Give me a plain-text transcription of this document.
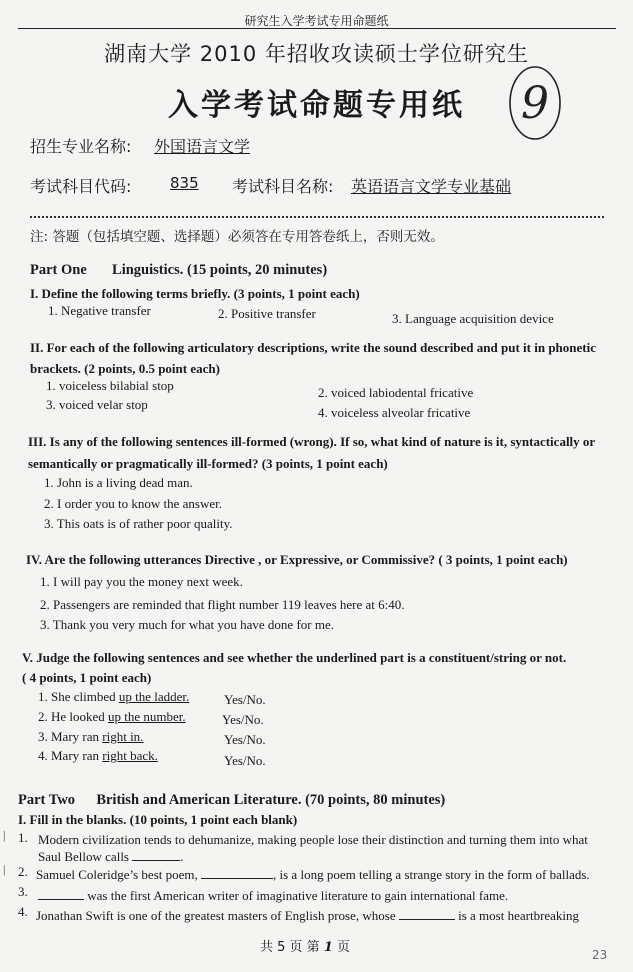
研究生入学考试专用命题纸
湖南大学 2010 年招收攻读硕士学位研究生
入学考试命题专用纸	9
招生专业名称: 外国语言文学
考试科目代码:	835	考试科目名称: 英语语言文学专业基础
注: 答题（包括填空题、选择题）必须答在专用答卷纸上，否则无效。
Part One Linguistics. (15 points, 20 minutes)
I. Define the following terms briefly. (3 points, 1 point each)
1. Negative transfer	2. Positive transfer	3. Language acquisition device
II. For each of the following articulatory descriptions, write the sound described and put it in phonetic
brackets. (2 points, 0.5 point each)
1. voiceless bilabial stop	2. voiced labiodental fricative
3. voiced velar stop
4. voiceless alveolar fricative
III. Is any of the following sentences ill-formed (wrong). If so, what kind of nature is it, syntactically or
semantically or pragmatically ill-formed? (3 points, 1 point each)
1. John is a living dead man.
2. I order you to know the answer.
3. This oats is of rather poor quality.
IV. Are the following utterances Directive , or Expressive, or Commissive? ( 3 points, 1 point each)
1. I will pay you the money next week.
2. Passengers are reminded that flight number 119 leaves here at 6:40.
3. Thank you very much for what you have done for me.
V. Judge the following sentences and see whether the underlined part is a constituent/string or not.
( 4 points, 1 point each)
1. She climbed up the ladder.	Yes/No.
2. He looked up the number.	Yes/No.
3. Mary ran right in.	Yes/No.
4. Mary ran right back.	Yes/No.
Part Two British and American Literature. (70 points, 80 minutes)
I. Fill in the blanks. (10 points, 1 point each blank)
1. Modern civilization tends to dehumanize, making people lose their distinction and turning them into what
Saul Bellow calls	.
2. Samuel Coleridge’s best poem,	, is a long poem telling a strange story in the form of ballads.
3.	was the first American writer of imaginative literature to gain international fame.
4. Jonathan Swift is one of the greatest masters of English prose, whose	is a most heartbreaking
共 5 页 第 1 页	23
|
|
